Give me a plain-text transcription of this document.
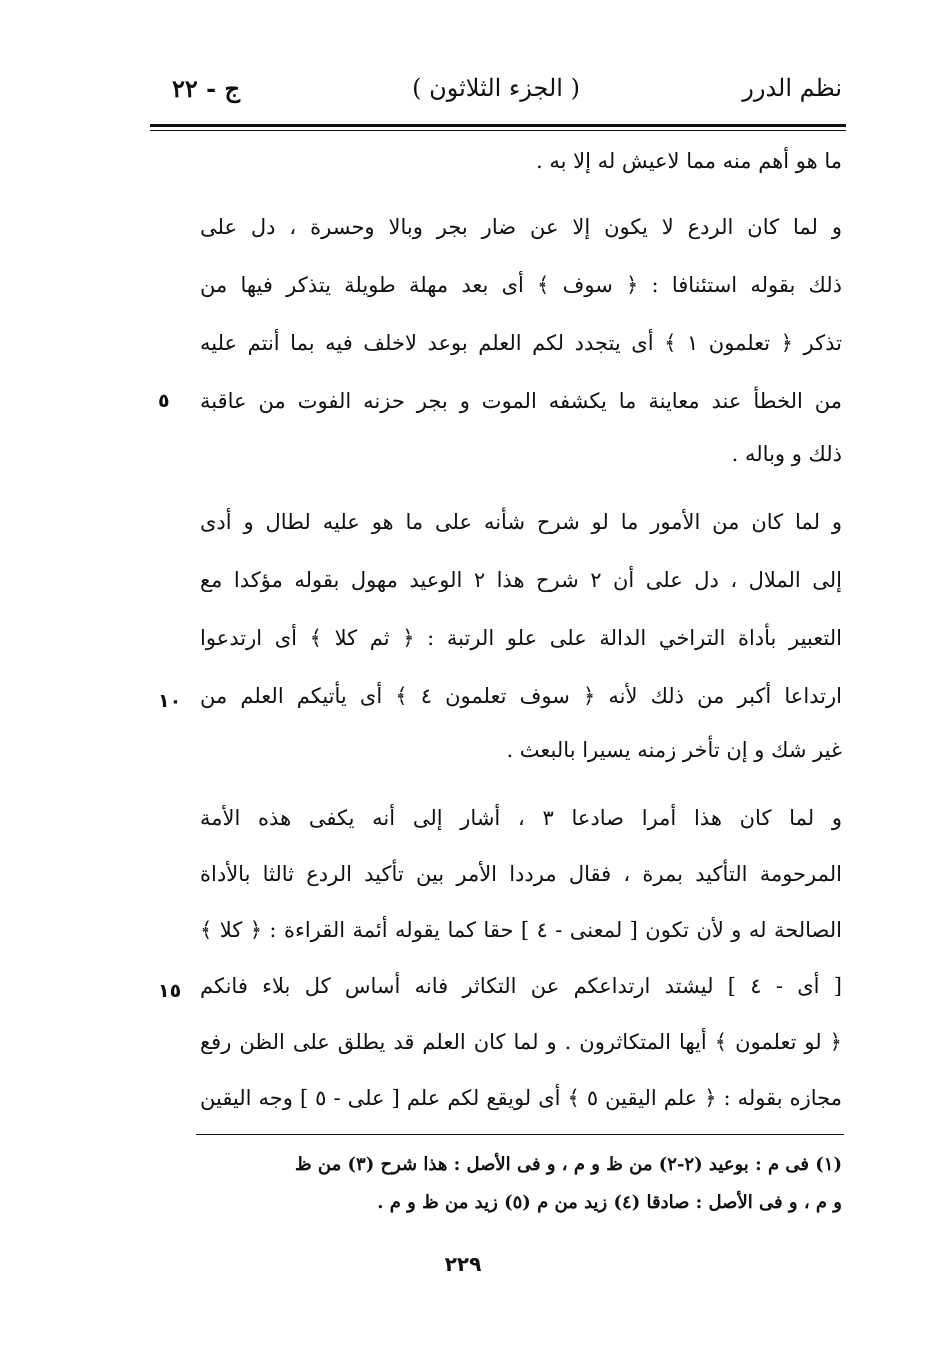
نظم الدرر
( الجزء الثلاثون )
ج - ٢٢
ما هو أهم منه مما لاعيش له إلا به .
و لما كان الردع لا يكون إلا عن ضار بجر وبالا وحسرة ، دل على
ذلك بقوله استئنافا : ﴿ سوف ﴾ أى بعد مهلة طويلة يتذكر فيها من
تذكر ﴿ تعلمون ١ ﴾ أى يتجدد لكم العلم بوعد لاخلف فيه بما أنتم عليه
من الخطأ عند معاينة ما يكشفه الموت و بجر حزنه الفوت من عاقبة
٥
ذلك و وباله .
و لما كان من الأمور ما لو شرح شأنه على ما هو عليه لطال و أدى
إلى الملال ، دل على أن ٢ شرح هذا ٢ الوعيد مهول بقوله مؤكدا مع
التعبير بأداة التراخي الدالة على علو الرتبة : ﴿ ثم كلا ﴾ أى ارتدعوا
ارتداعا أكبر من ذلك لأنه ﴿ سوف تعلمون ٤ ﴾ أى يأتيكم العلم من
١٠
غير شك و إن تأخر زمنه يسيرا بالبعث .
و لما كان هذا أمرا صادعا ٣ ، أشار إلى أنه يكفى هذه الأمة
المرحومة التأكيد بمرة ، فقال مرددا الأمر بين تأكيد الردع ثالثا بالأداة
الصالحة له و لأن تكون [ لمعنى - ٤ ] حقا كما يقوله أئمة القراءة : ﴿ كلا ﴾
[ أى - ٤ ] ليشتد ارتداعكم عن التكاثر فانه أساس كل بلاء فانكم
١٥
﴿ لو تعلمون ﴾ أيها المتكاثرون . و لما كان العلم قد يطلق على الظن رفع
مجازه بقوله : ﴿ علم اليقين ٥ ﴾ أى لويقع لكم علم [ على - ٥ ] وجه اليقين
(١) فى م : بوعيد (٢-٢) من ظ و م ، و فى الأصل : هذا شرح (٣) من ظ
و م ، و فى الأصل : صادقا (٤) زيد من م (٥) زيد من ظ و م .
٢٢٩
